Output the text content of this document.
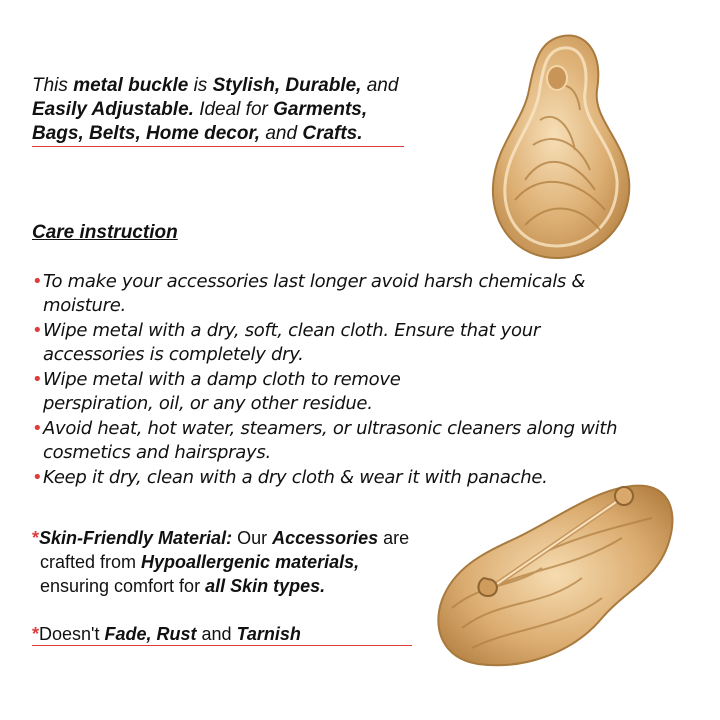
This metal buckle is Stylish, Durable, and
Easily Adjustable. Ideal for Garments,
Bags, Belts, Home decor, and Crafts.
Care instruction
• To make your accessories last longer avoid harsh chemicals & moisture.
• Wipe metal with a dry, soft, clean cloth. Ensure that your accessories is completely dry.
• Wipe metal with a damp cloth to remove perspiration, oil, or any other residue.
• Avoid heat, hot water, steamers, or ultrasonic cleaners along with cosmetics and hairsprays.
• Keep it dry, clean with a dry cloth & wear it with panache.
*Skin-Friendly Material: Our Accessories are
crafted from Hypoallergenic materials,
ensuring comfort for all Skin types.
*Doesn't Fade, Rust and Tarnish
